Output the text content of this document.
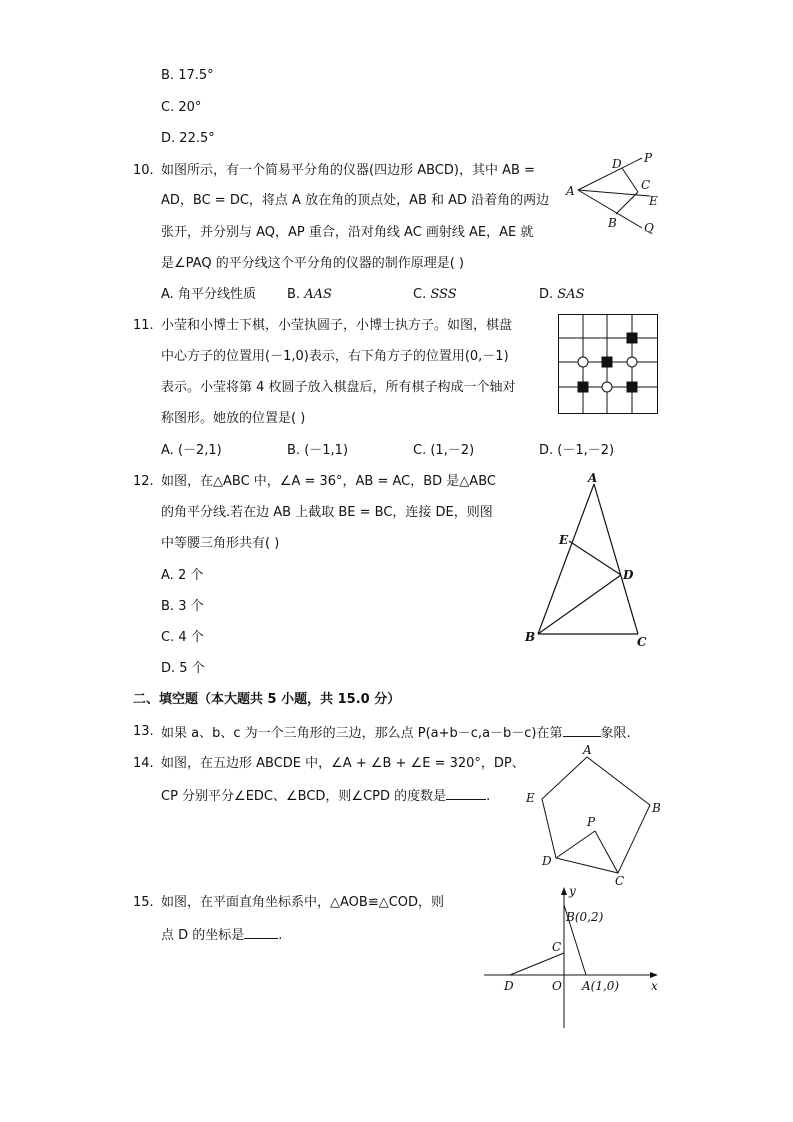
B. 17.5°
C. 20°
D. 22.5°
10. 如图所示，有一个简易平分角的仪器(四边形 ABCD)，其中 AB =
AD，BC = DC，将点 A 放在角的顶点处，AB 和 AD 沿着角的两边
张开，并分别与 AQ，AP 重合，沿对角线 AC 画射线 AE，AE 就
是∠PAQ 的平分线这个平分角的仪器的制作原理是( )
A. 角平分线性质 B. AAS	C. SSS	D. SAS
A
D P
C
E
B Q
11. 小莹和小博士下棋，小莹执圆子，小博士执方子。如图，棋盘
中心方子的位置用(－1,0)表示，右下角方子的位置用(0,－1)
表示。小莹将第 4 枚圆子放入棋盘后，所有棋子构成一个轴对
称图形。她放的位置是( )
A. (－2,1)	B. (－1,1)	C. (1,－2)	D. (－1,－2)
12. 如图，在△ABC 中，∠A = 36°，AB = AC，BD 是△ABC
的角平分线.若在边 AB 上截取 BE = BC，连接 DE，则图
中等腰三角形共有( )
A. 2 个
B. 3 个
C. 4 个
D. 5 个
A
E
D
B	C
二、填空题（本大题共 5 小题，共 15.0 分）
13. 如果 a、b、c 为一个三角形的三边，那么点 P(a+b－c,a－b－c)在第	象限.
14. 如图，在五边形 ABCDE 中，∠A + ∠B + ∠E = 320°，DP、
CP 分别平分∠EDC、∠BCD，则∠CPD 的度数是	.
A
B
C
D
E
P
15. 如图，在平面直角坐标系中，△AOB≌△COD，则
点 D 的坐标是	.
y
B(0,2)
C
O A(1,0)
D	x
